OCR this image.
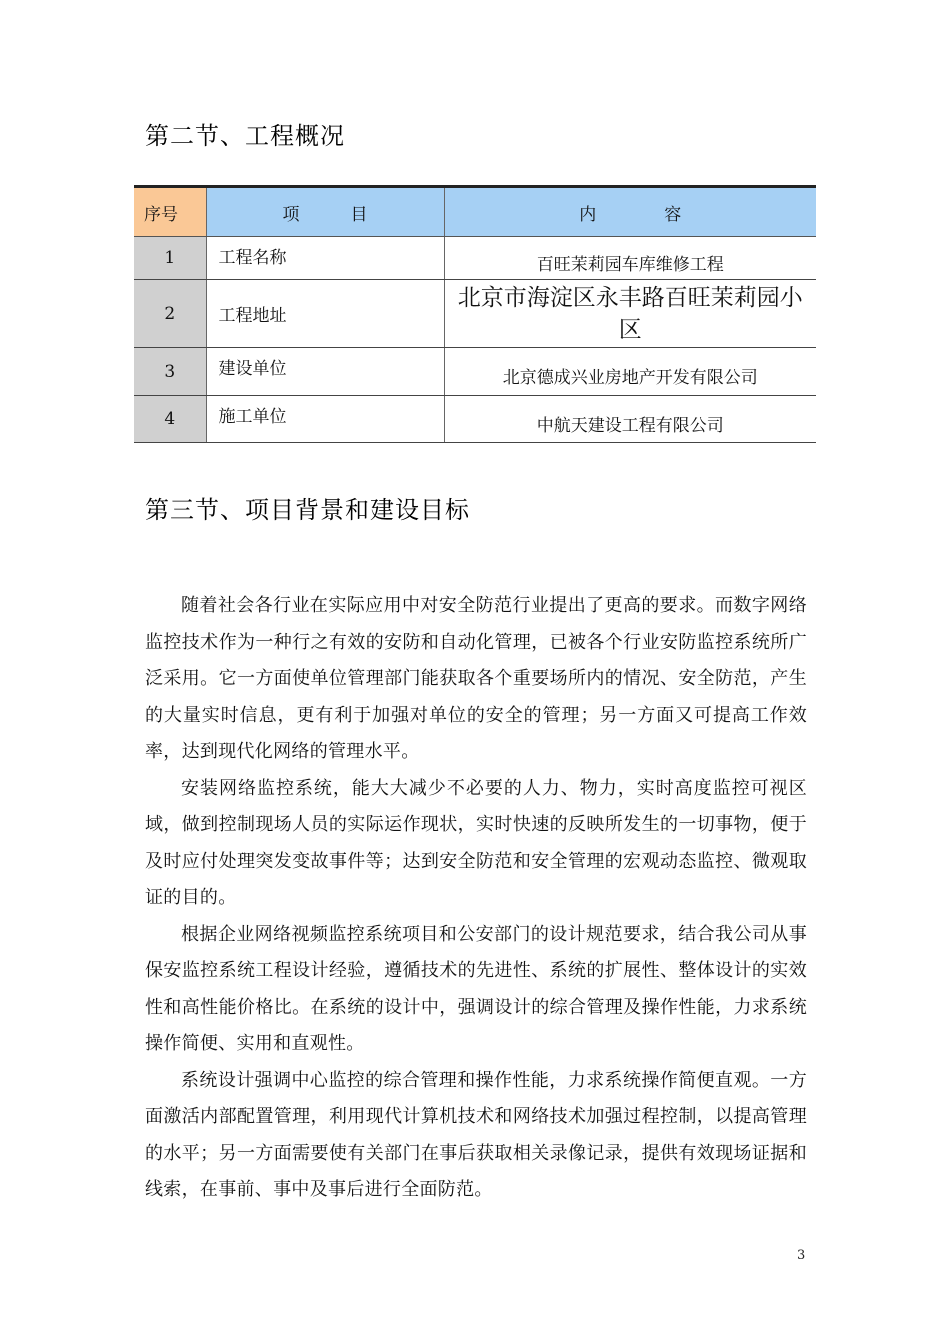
第二节、工程概况
序号	项　　　目	内　　　　容
1	工程名称	百旺茉莉园车库维修工程
2	工程地址	北京市海淀区永丰路百旺茉莉园小区
3	建设单位	北京德成兴业房地产开发有限公司
4	施工单位	中航天建设工程有限公司
第三节、项目背景和建设目标

随着社会各行业在实际应用中对安全防范行业提出了更高的要求。而数字网络监控技术作为一种行之有效的安防和自动化管理，已被各个行业安防监控系统所广泛采用。它一方面使单位管理部门能获取各个重要场所内的情况、安全防范，产生的大量实时信息，更有利于加强对单位的安全的管理；另一方面又可提高工作效率，达到现代化网络的管理水平。

安装网络监控系统，能大大减少不必要的人力、物力，实时高度监控可视区域，做到控制现场人员的实际运作现状，实时快速的反映所发生的一切事物，便于及时应付处理突发变故事件等；达到安全防范和安全管理的宏观动态监控、微观取证的目的。

根据企业网络视频监控系统项目和公安部门的设计规范要求，结合我公司从事保安监控系统工程设计经验，遵循技术的先进性、系统的扩展性、整体设计的实效性和高性能价格比。在系统的设计中，强调设计的综合管理及操作性能，力求系统操作简便、实用和直观性。

系统设计强调中心监控的综合管理和操作性能，力求系统操作简便直观。一方面激活内部配置管理，利用现代计算机技术和网络技术加强过程控制，以提高管理的水平；另一方面需要使有关部门在事后获取相关录像记录，提供有效现场证据和线索，在事前、事中及事后进行全面防范。

3
